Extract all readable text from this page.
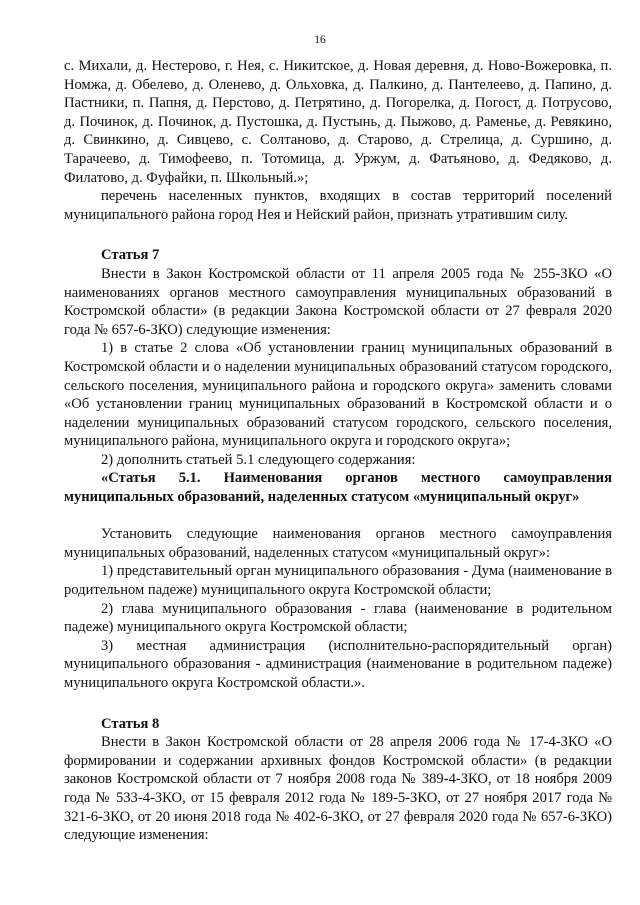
16

с. Михали, д. Нестерово, г. Нея, с. Никитское, д. Новая деревня, д. Ново-Вожеровка, п. Номжа, д. Обелево, д. Оленево, д. Ольховка, д. Палкино, д. Пантелеево, д. Папино, д. Пастники, п. Папня, д. Перстово, д. Петрятино, д. Погорелка, д. Погост, д. Потрусово, д. Починок, д. Починок, д. Пустошка, д. Пустынь, д. Пыжово, д. Раменье, д. Ревякино, д. Свинкино, д. Сивцево, с. Солтаново, д. Старово, д. Стрелица, д. Суршино, д. Тарачеево, д. Тимофеево, п. Тотомица, д. Уржум, д. Фатьяново, д. Федяково, д. Филатово, д. Фуфайки, п. Школьный.»;

перечень населенных пунктов, входящих в состав территорий поселений муниципального района город Нея и Нейский район, признать утратившим силу.

Статья 7

Внести в Закон Костромской области от 11 апреля 2005 года № 255-ЗКО «О наименованиях органов местного самоуправления муниципальных образований в Костромской области» (в редакции Закона Костромской области от 27 февраля 2020 года № 657-6-ЗКО) следующие изменения:

1) в статье 2 слова «Об установлении границ муниципальных образований в Костромской области и о наделении муниципальных образований статусом городского, сельского поселения, муниципального района и городского округа» заменить словами «Об установлении границ муниципальных образований в Костромской области и о наделении муниципальных образований статусом городского, сельского поселения, муниципального района, муниципального округа и городского округа»;

2) дополнить статьей 5.1 следующего содержания:

«Статья 5.1. Наименования органов местного самоуправления муниципальных образований, наделенных статусом «муниципальный округ»

Установить следующие наименования органов местного самоуправления муниципальных образований, наделенных статусом «муниципальный округ»:

1) представительный орган муниципального образования - Дума (наименование в родительном падеже) муниципального округа Костромской области;

2) глава муниципального образования - глава (наименование в родительном падеже) муниципального округа Костромской области;

3) местная администрация (исполнительно-распорядительный орган) муниципального образования - администрация (наименование в родительном падеже) муниципального округа Костромской области.».

Статья 8

Внести в Закон Костромской области от 28 апреля 2006 года № 17-4-ЗКО «О формировании и содержании архивных фондов Костромской области» (в редакции законов Костромской области от 7 ноября 2008 года № 389-4-ЗКО, от 18 ноября 2009 года № 533-4-ЗКО, от 15 февраля 2012 года № 189-5-ЗКО, от 27 ноября 2017 года № 321-6-ЗКО, от 20 июня 2018 года № 402-6-ЗКО, от 27 февраля 2020 года № 657-6-ЗКО) следующие изменения:
